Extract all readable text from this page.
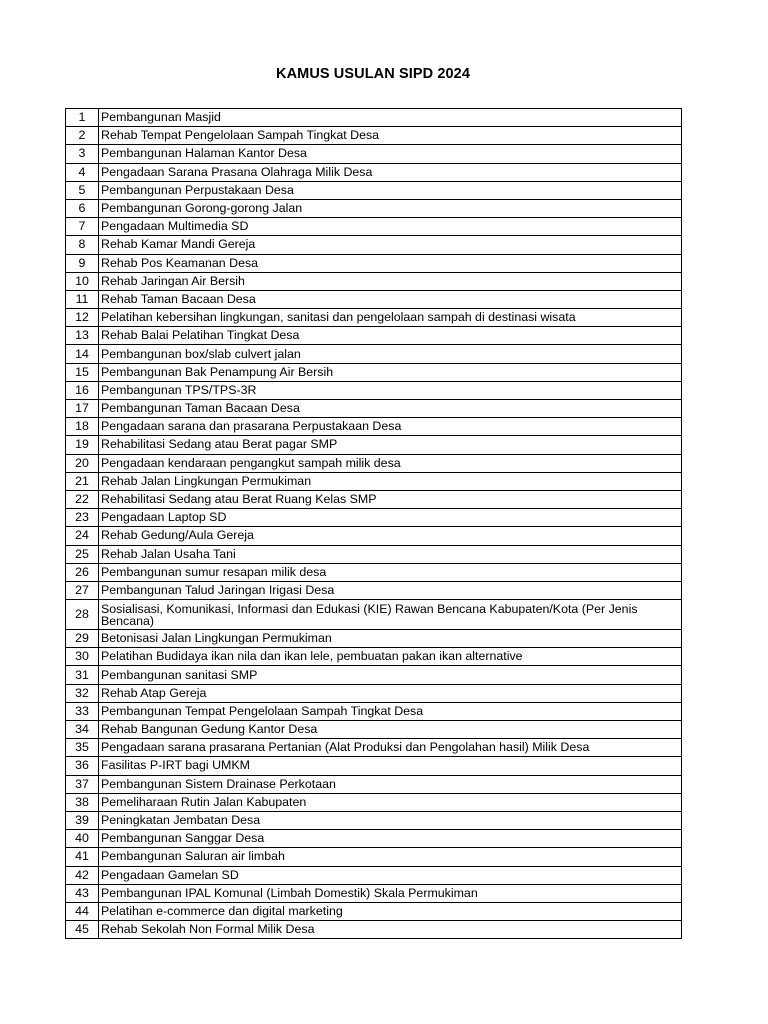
KAMUS USULAN SIPD 2024
1	Pembangunan Masjid
2	Rehab Tempat Pengelolaan Sampah Tingkat Desa
3	Pembangunan Halaman Kantor Desa
4	Pengadaan Sarana Prasana Olahraga Milik Desa
5	Pembangunan Perpustakaan Desa
6	Pembangunan Gorong-gorong Jalan
7	Pengadaan Multimedia SD
8	Rehab Kamar Mandi Gereja
9	Rehab Pos Keamanan Desa
10	Rehab Jaringan Air Bersih
11	Rehab Taman Bacaan Desa
12	Pelatihan kebersihan lingkungan, sanitasi dan pengelolaan sampah di destinasi wisata
13	Rehab Balai Pelatihan Tingkat Desa
14	Pembangunan box/slab culvert jalan
15	Pembangunan Bak Penampung Air Bersih
16	Pembangunan TPS/TPS-3R
17	Pembangunan Taman Bacaan Desa
18	Pengadaan sarana dan prasarana Perpustakaan Desa
19	Rehabilitasi Sedang atau Berat pagar SMP
20	Pengadaan kendaraan pengangkut sampah milik desa
21	Rehab Jalan Lingkungan Permukiman
22	Rehabilitasi Sedang atau Berat Ruang Kelas SMP
23	Pengadaan Laptop SD
24	Rehab Gedung/Aula Gereja
25	Rehab Jalan Usaha Tani
26	Pembangunan sumur resapan milik desa
27	Pembangunan Talud Jaringan Irigasi Desa
28	Sosialisasi, Komunikasi, Informasi dan Edukasi (KIE) Rawan Bencana Kabupaten/Kota (Per Jenis Bencana)
29	Betonisasi Jalan Lingkungan Permukiman
30	Pelatihan Budidaya ikan nila dan ikan lele, pembuatan pakan ikan alternative
31	Pembangunan sanitasi SMP
32	Rehab Atap Gereja
33	Pembangunan Tempat Pengelolaan Sampah Tingkat Desa
34	Rehab Bangunan Gedung Kantor Desa
35	Pengadaan sarana prasarana Pertanian (Alat Produksi dan Pengolahan hasil) Milik Desa
36	Fasilitas P-IRT bagi UMKM
37	Pembangunan Sistem Drainase Perkotaan
38	Pemeliharaan Rutin Jalan Kabupaten
39	Peningkatan Jembatan Desa
40	Pembangunan Sanggar Desa
41	Pembangunan Saluran air limbah
42	Pengadaan Gamelan SD
43	Pembangunan IPAL Komunal (Limbah Domestik) Skala Permukiman
44	Pelatihan e-commerce dan digital marketing
45	Rehab Sekolah Non Formal Milik Desa
